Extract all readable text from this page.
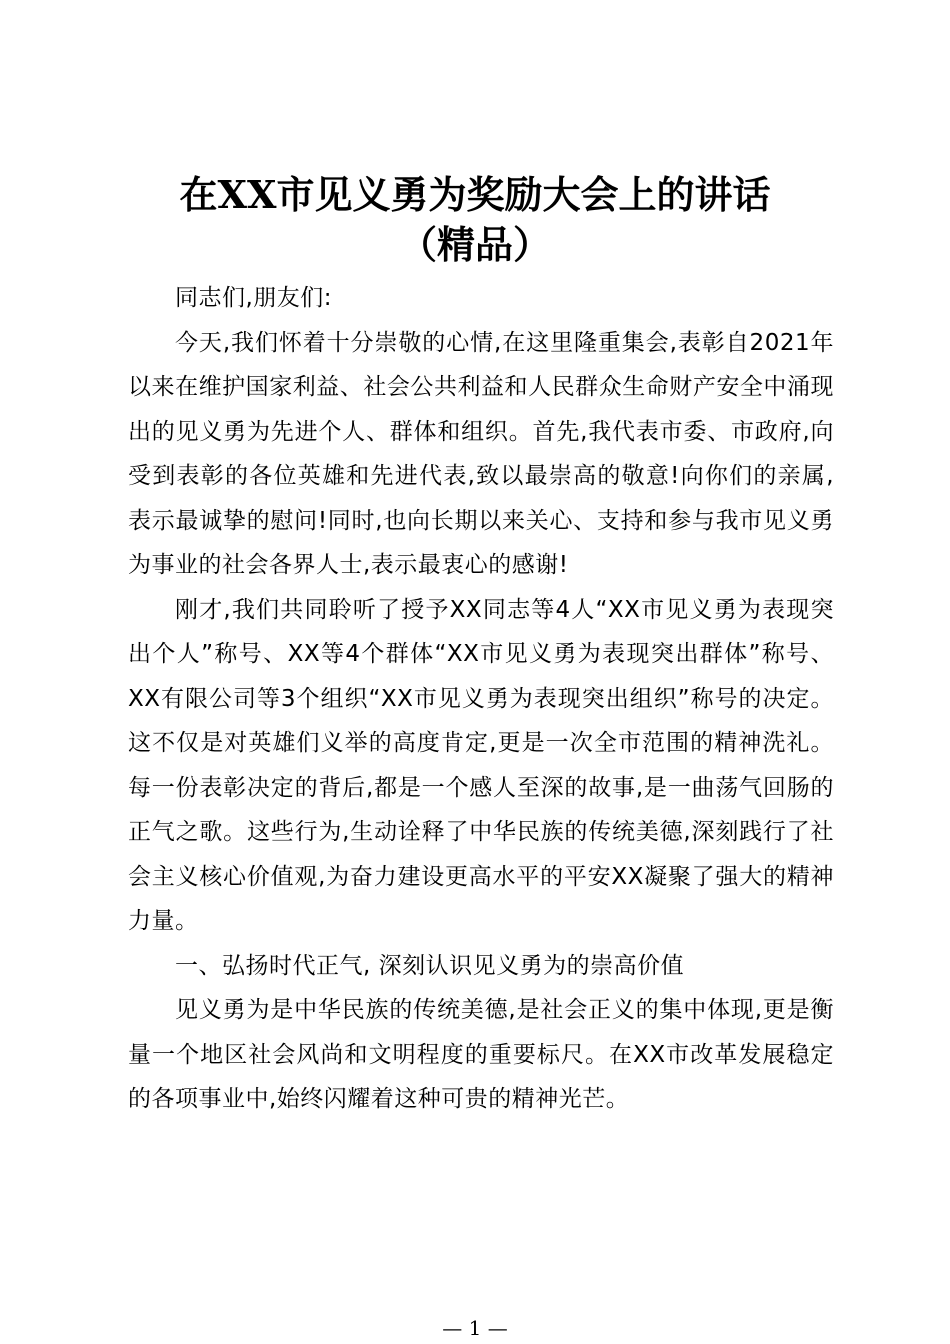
在XX市见义勇为奖励大会上的讲话
（精品）

同志们,朋友们:

今天,我们怀着十分崇敬的心情,在这里隆重集会,表彰自2021年以来在维护国家利益、社会公共利益和人民群众生命财产安全中涌现出的见义勇为先进个人、群体和组织。首先,我代表市委、市政府,向受到表彰的各位英雄和先进代表,致以最崇高的敬意!向你们的亲属,表示最诚挚的慰问!同时,也向长期以来关心、支持和参与我市见义勇为事业的社会各界人士,表示最衷心的感谢!

刚才,我们共同聆听了授予XX同志等4人“XX市见义勇为表现突出个人”称号、XX等4个群体“XX市见义勇为表现突出群体”称号、XX有限公司等3个组织“XX市见义勇为表现突出组织”称号的决定。这不仅是对英雄们义举的高度肯定,更是一次全市范围的精神洗礼。每一份表彰决定的背后,都是一个感人至深的故事,是一曲荡气回肠的正气之歌。这些行为,生动诠释了中华民族的传统美德,深刻践行了社会主义核心价值观,为奋力建设更高水平的平安XX凝聚了强大的精神力量。

一、弘扬时代正气, 深刻认识见义勇为的崇高价值

见义勇为是中华民族的传统美德,是社会正义的集中体现,更是衡量一个地区社会风尚和文明程度的重要标尺。在XX市改革发展稳定的各项事业中,始终闪耀着这种可贵的精神光芒。

— 1 —
